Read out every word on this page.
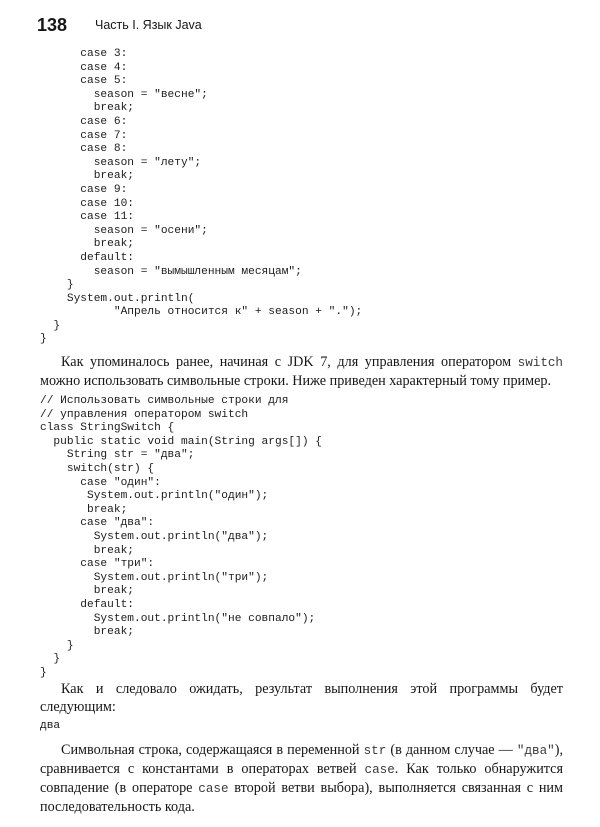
138 Часть I. Язык Java
case 3:
case 4:
case 5:
season = "весне";
break;
case 6:
case 7:
case 8:
season = "лету";
break;
case 9:
case 10:
case 11:
season = "осени";
break;
default:
season = "вымышленным месяцам";
}
System.out.println(
"Апрель относится к" + season + ".");
}
}

Как упоминалось ранее, начиная с JDK 7, для управления оператором switch можно использовать символьные строки. Ниже приведен характерный тому пример.

// Использовать символьные строки для
// управления оператором switch
class StringSwitch {
public static void main(String args[]) {
String str = "два";
switch(str) {
case "один":
System.out.println("один");
break;
case "два":
System.out.println("два");
break;
case "три":
System.out.println("три");
break;
default:
System.out.println("не совпало");
break;
}
}
}

Как и следовало ожидать, результат выполнения этой программы будет следующим:

два

Символьная строка, содержащаяся в переменной str (в данном случае — "два"), сравнивается с константами в операторах ветвей case. Как только обнаружится совпадение (в операторе case второй ветви выбора), выполняется связанная с ним последовательность кода.
